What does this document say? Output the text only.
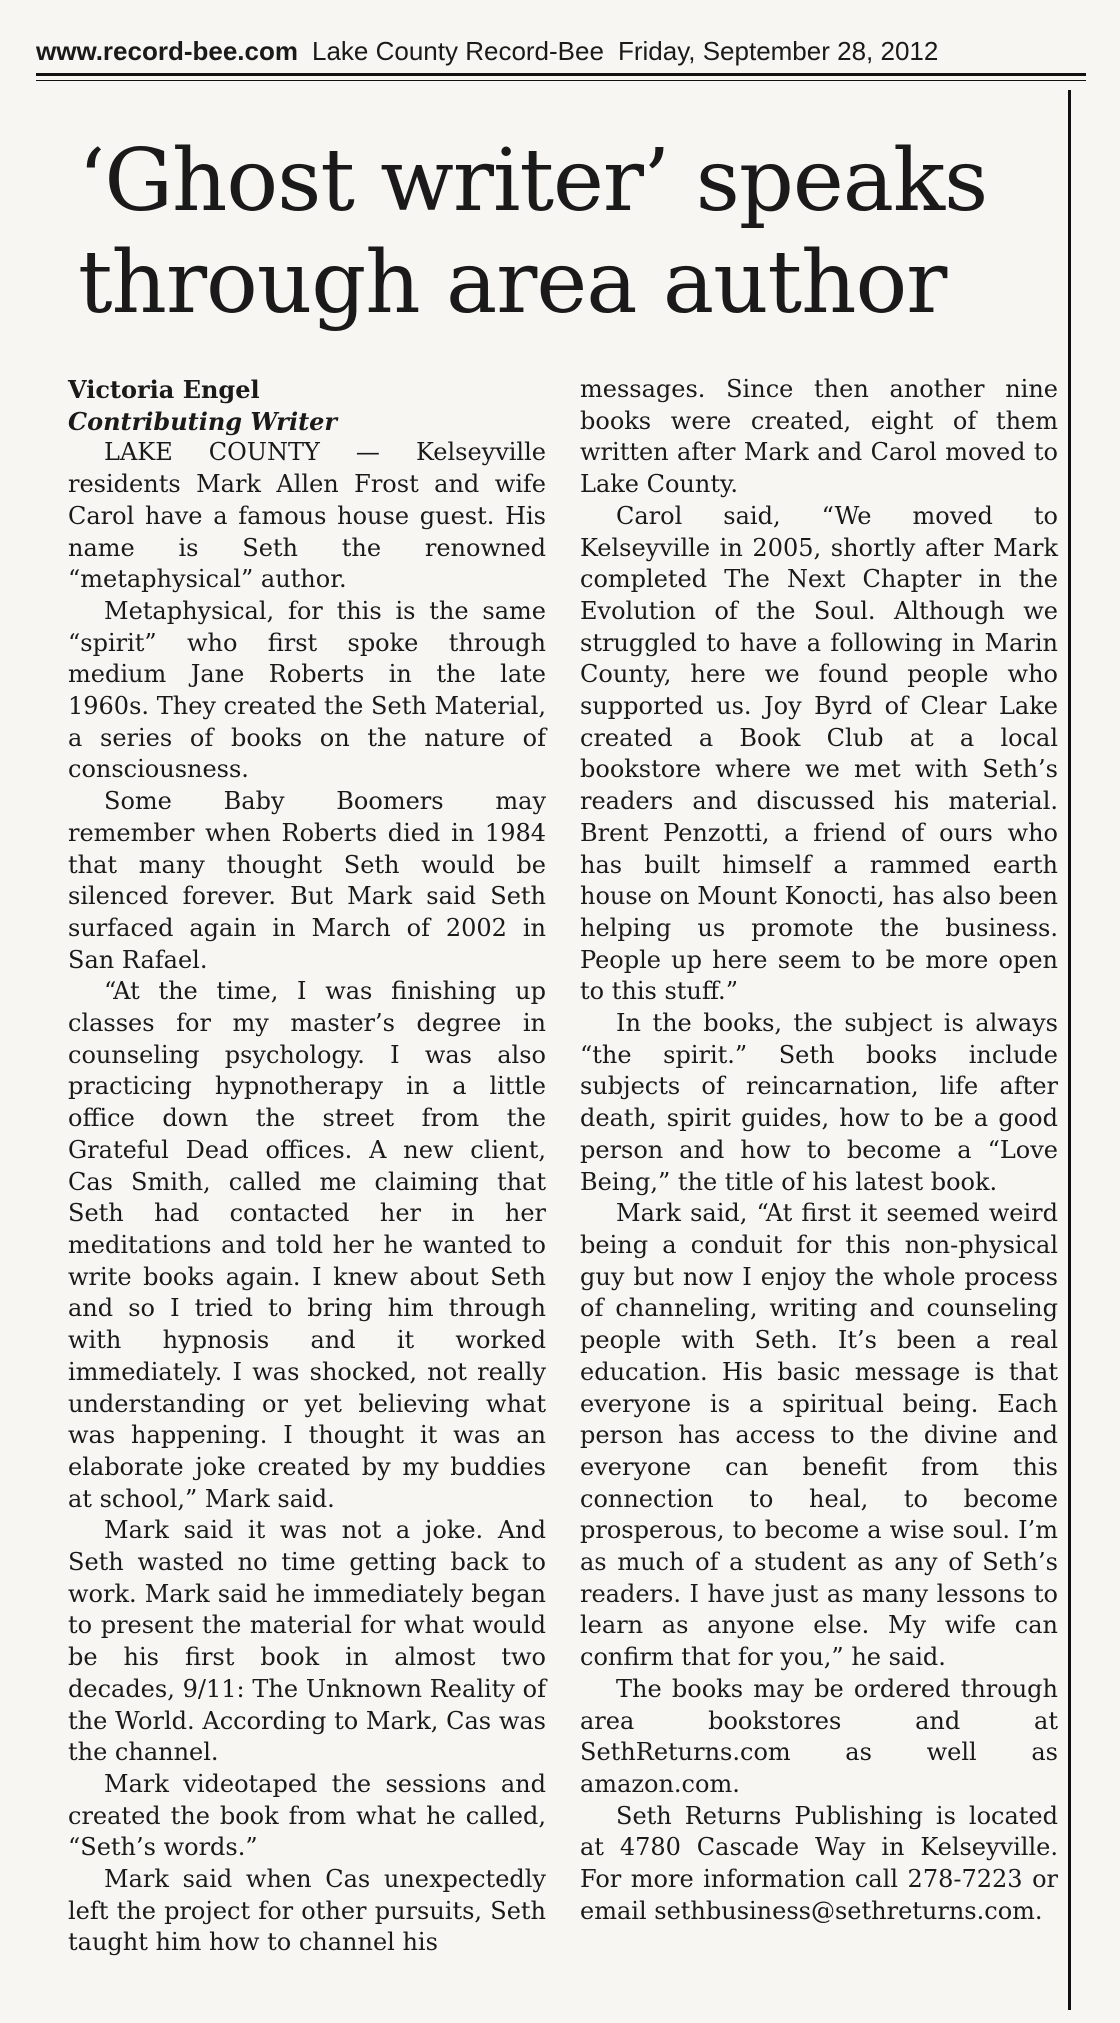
www.record-bee.com Lake County Record-Bee Friday, September 28, 2012
‘Ghost writer’ speaks through area author
Victoria Engel
Contributing Writer

LAKE COUNTY — Kelseyville residents Mark Allen Frost and wife Carol have a famous house guest. His name is Seth the renowned “metaphysical” author.

Metaphysical, for this is the same “spirit” who first spoke through medium Jane Roberts in the late 1960s. They created the Seth Material, a series of books on the nature of consciousness.

Some Baby Boomers may remember when Roberts died in 1984 that many thought Seth would be silenced forever. But Mark said Seth surfaced again in March of 2002 in San Rafael.

“At the time, I was finishing up classes for my master’s degree in counseling psychology. I was also practicing hypnotherapy in a little office down the street from the Grateful Dead offices. A new client, Cas Smith, called me claiming that Seth had contacted her in her meditations and told her he wanted to write books again. I knew about Seth and so I tried to bring him through with hypnosis and it worked immediately. I was shocked, not really understanding or yet believing what was happening. I thought it was an elaborate joke created by my buddies at school,” Mark said.

Mark said it was not a joke. And Seth wasted no time getting back to work. Mark said he immediately began to present the material for what would be his first book in almost two decades, 9/11: The Unknown Reality of the World. According to Mark, Cas was the channel.

Mark videotaped the sessions and created the book from what he called, “Seth’s words.”

Mark said when Cas unexpectedly left the project for other pursuits, Seth taught him how to channel his

messages. Since then another nine books were created, eight of them written after Mark and Carol moved to Lake County.

Carol said, “We moved to Kelseyville in 2005, shortly after Mark completed The Next Chapter in the Evolution of the Soul. Although we struggled to have a following in Marin County, here we found people who supported us. Joy Byrd of Clear Lake created a Book Club at a local bookstore where we met with Seth’s readers and discussed his material. Brent Penzotti, a friend of ours who has built himself a rammed earth house on Mount Konocti, has also been helping us promote the business. People up here seem to be more open to this stuff.”

In the books, the subject is always “the spirit.” Seth books include subjects of reincarnation, life after death, spirit guides, how to be a good person and how to become a “Love Being,” the title of his latest book.

Mark said, “At first it seemed weird being a conduit for this non-physical guy but now I enjoy the whole process of channeling, writing and counseling people with Seth. It’s been a real education. His basic message is that everyone is a spiritual being. Each person has access to the divine and everyone can benefit from this connection to heal, to become prosperous, to become a wise soul. I’m as much of a student as any of Seth’s readers. I have just as many lessons to learn as anyone else. My wife can confirm that for you,” he said.

The books may be ordered through area bookstores and at SethReturns.com as well as amazon.com.

Seth Returns Publishing is located at 4780 Cascade Way in Kelseyville. For more information call 278-7223 or email sethbusiness@sethreturns.com.
